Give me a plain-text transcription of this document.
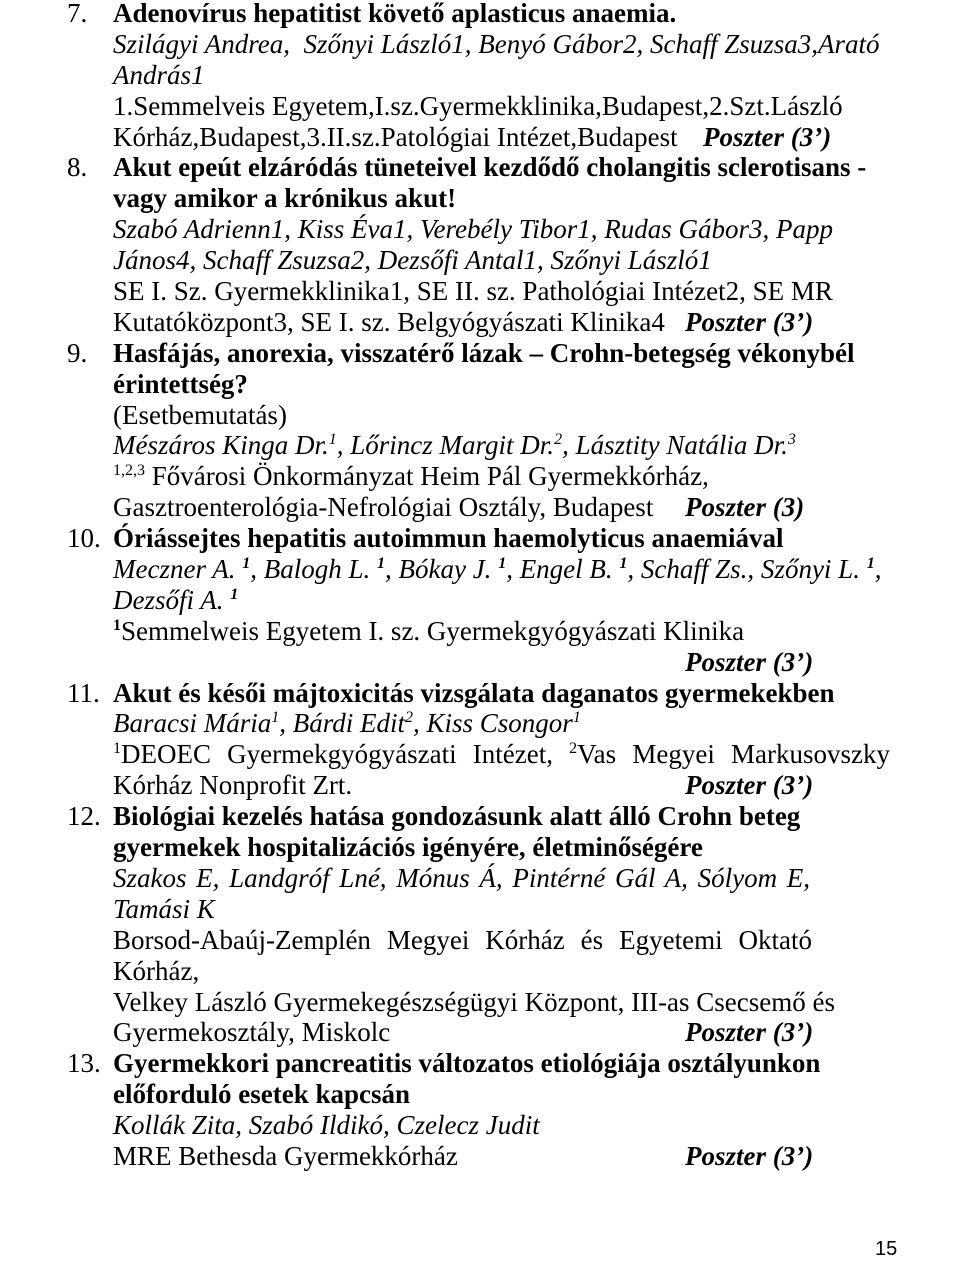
7. Adenovírus hepatitist követő aplasticus anaemia.
Szilágyi Andrea,  Szőnyi László1, Benyó Gábor2, Schaff Zsuzsa3,Arató
András1
1.Semmelveis Egyetem,I.sz.Gyermekklinika,Budapest,2.Szt.László
Kórház,Budapest,3.II.sz.Patológiai Intézet,Budapest Poszter (3’)
8. Akut epeút elzáródás tüneteivel kezdődő cholangitis sclerotisans -
vagy amikor a krónikus akut!
Szabó Adrienn1, Kiss Éva1, Verebély Tibor1, Rudas Gábor3, Papp
János4, Schaff Zsuzsa2, Dezsőfi Antal1, Szőnyi László1
SE I. Sz. Gyermekklinika1, SE II. sz. Pathológiai Intézet2, SE MR
Kutatóközpont3, SE I. sz. Belgyógyászati Klinika4 Poszter (3’)
9. Hasfájás, anorexia, visszatérő lázak – Crohn-betegség vékonybél
érintettség?
(Esetbemutatás)
Mészáros Kinga Dr.$^1$, Lőrincz Margit Dr.$^2$, Lásztity Natália Dr.$^3$
$^{1,2,3}$ Fővárosi Önkormányzat Heim Pál Gyermekkórház,
Gasztroenterológia-Nefrológiai Osztály, Budapest Poszter (3)
10. Óriássejtes hepatitis autoimmun haemolyticus anaemiával
Meczner A. $^1$, Balogh L. $^1$, Bókay J. $^1$, Engel B. $^1$, Schaff Zs., Szőnyi L. $^1$,
Dezsőfi A. $^1$
$^1$Semmelweis Egyetem I. sz. Gyermekgyógyászati Klinika
Poszter (3’)
11. Akut és késői májtoxicitás vizsgálata daganatos gyermekekben
Baracsi Mária$^1$, Bárdi Edit$^2$, Kiss Csongor$^1$
$^1$DEOEC Gyermekgyógyászati Intézet, $^2$Vas Megyei Markusovszky
Kórház Nonprofit Zrt.	Poszter (3’)
12. Biológiai kezelés hatása gondozásunk alatt álló Crohn beteg
gyermekek hospitalizációs igényére, életminőségére
Szakos E, Landgróf Lné, Mónus Á, Pintérné Gál A, Sólyom E,
Tamási K
Borsod-Abaúj-Zemplén Megyei Kórház és Egyetemi Oktató
Kórház,
Velkey László Gyermekegészségügyi Központ, III-as Csecsemő és
Gyermekosztály, Miskolc	Poszter (3’)
13. Gyermekkori pancreatitis változatos etiológiája osztályunkon
előforduló esetek kapcsán
Kollák Zita, Szabó Ildikó, Czelecz Judit
MRE Bethesda Gyermekkórház	Poszter (3’)
15
